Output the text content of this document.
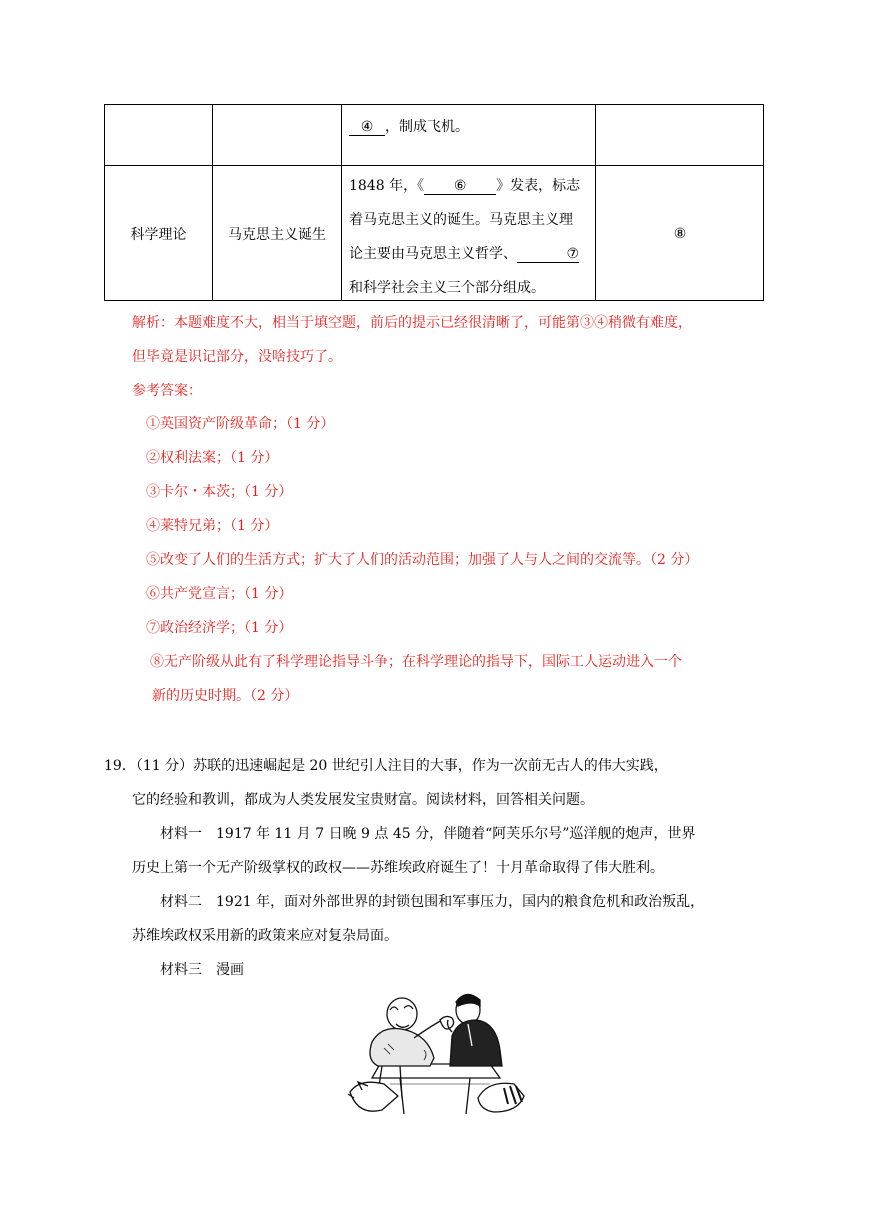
④ ，制成飞机。
科学理论	马克思主义诞生
1848 年，《 ⑥ 》发表，标志
着马克思主义的诞生。马克思主义理
论主要由马克思主义哲学、	⑦
和科学社会主义三个部分组成。
⑧
解析：本题难度不大，相当于填空题，前后的提示已经很清晰了，可能第③④稍微有难度，
但毕竟是识记部分，没啥技巧了。
参考答案：
①英国资产阶级革命；（1 分）
②权利法案；（1 分）
③卡尔・本茨；（1 分）
④莱特兄弟；（1 分）
⑤改变了人们的生活方式；扩大了人们的活动范围；加强了人与人之间的交流等。（2 分）
⑥共产党宣言；（1 分）
⑦政治经济学；（1 分）
⑧无产阶级从此有了科学理论指导斗争；在科学理论的指导下，国际工人运动进入一个
新的历史时期。（2 分）
19．（11 分）苏联的迅速崛起是 20 世纪引人注目的大事，作为一次前无古人的伟大实践，
它的经验和教训，都成为人类发展发宝贵财富。阅读材料，回答相关问题。
材料一　1917 年 11 月 7 日晚 9 点 45 分，伴随着“阿芙乐尔号”巡洋舰的炮声，世界
历史上第一个无产阶级掌权的政权——苏维埃政府诞生了！十月革命取得了伟大胜利。
材料二　1921 年，面对外部世界的封锁包围和军事压力，国内的粮食危机和政治叛乱，
苏维埃政权采用新的政策来应对复杂局面。
材料三　漫画
